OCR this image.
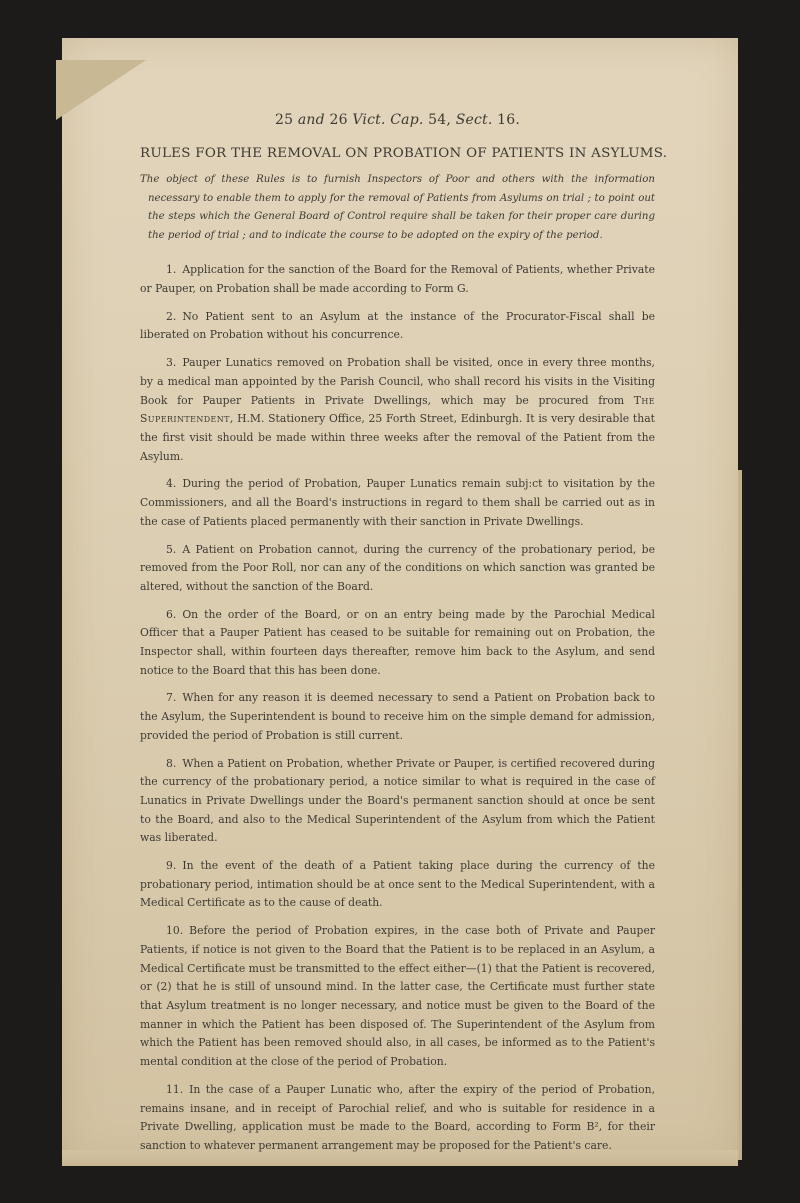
25 and 26 Vict. Cap. 54, Sect. 16.
RULES FOR THE REMOVAL ON PROBATION OF PATIENTS IN ASYLUMS.

The object of these Rules is to furnish Inspectors of Poor and others with the information necessary to enable them to apply for the removal of Patients from Asylums on trial ; to point out the steps which the General Board of Control require shall be taken for their proper care during the period of trial ; and to indicate the course to be adopted on the expiry of the period.

1. Application for the sanction of the Board for the Removal of Patients, whether Private or Pauper, on Probation shall be made according to Form G.

2. No Patient sent to an Asylum at the instance of the Procurator-Fiscal shall be liberated on Probation without his concurrence.

3. Pauper Lunatics removed on Probation shall be visited, once in every three months, by a medical man appointed by the Parish Council, who shall record his visits in the Visiting Book for Pauper Patients in Private Dwellings, which may be procured from The Superintendent, H.M. Stationery Office, 25 Forth Street, Edinburgh. It is very desirable that the first visit should be made within three weeks after the removal of the Patient from the Asylum.

4. During the period of Probation, Pauper Lunatics remain subj:ct to visitation by the Commissioners, and all the Board's instructions in regard to them shall be carried out as in the case of Patients placed permanently with their sanction in Private Dwellings.

5. A Patient on Probation cannot, during the currency of the probationary period, be removed from the Poor Roll, nor can any of the conditions on which sanction was granted be altered, without the sanction of the Board.

6. On the order of the Board, or on an entry being made by the Parochial Medical Officer that a Pauper Patient has ceased to be suitable for remaining out on Probation, the Inspector shall, within fourteen days thereafter, remove him back to the Asylum, and send notice to the Board that this has been done.

7. When for any reason it is deemed necessary to send a Patient on Probation back to the Asylum, the Superintendent is bound to receive him on the simple demand for admission, provided the period of Probation is still current.

8. When a Patient on Probation, whether Private or Pauper, is certified recovered during the currency of the probationary period, a notice similar to what is required in the case of Lunatics in Private Dwellings under the Board's permanent sanction should at once be sent to the Board, and also to the Medical Superintendent of the Asylum from which the Patient was liberated.

9. In the event of the death of a Patient taking place during the currency of the probationary period, intimation should be at once sent to the Medical Superintendent, with a Medical Certificate as to the cause of death.

10. Before the period of Probation expires, in the case both of Private and Pauper Patients, if notice is not given to the Board that the Patient is to be replaced in an Asylum, a Medical Certificate must be transmitted to the effect either—(1) that the Patient is recovered, or (2) that he is still of unsound mind. In the latter case, the Certificate must further state that Asylum treatment is no longer necessary, and notice must be given to the Board of the manner in which the Patient has been disposed of. The Superintendent of the Asylum from which the Patient has been removed should also, in all cases, be informed as to the Patient's mental condition at the close of the period of Probation.

11. In the case of a Pauper Lunatic who, after the expiry of the period of Probation, remains insane, and in receipt of Parochial relief, and who is suitable for residence in a Private Dwelling, application must be made to the Board, according to Form B², for their sanction to whatever permanent arrangement may be proposed for the Patient's care.
